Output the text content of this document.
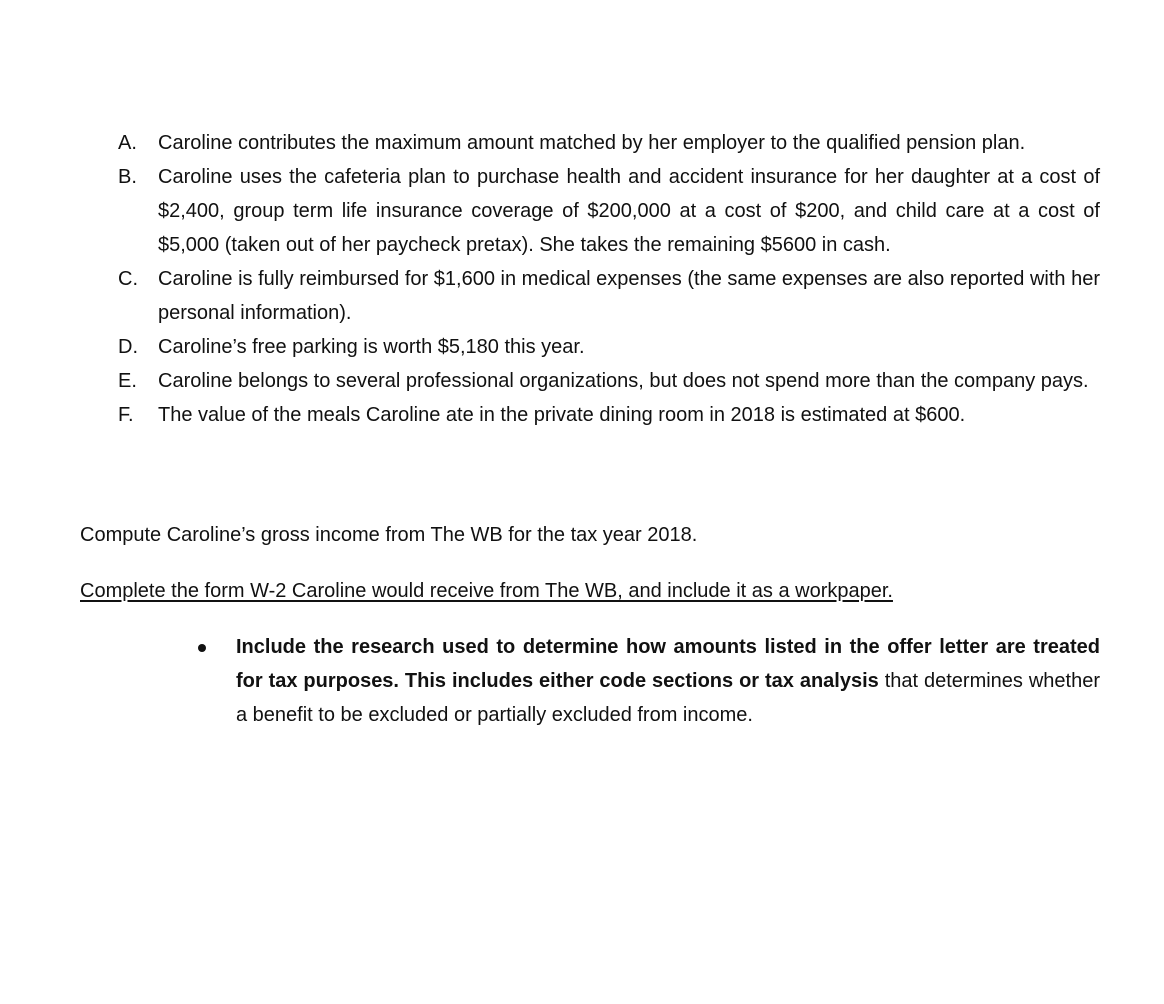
A.	Caroline contributes the maximum amount matched by her employer to the qualified pension plan.
B.	Caroline uses the cafeteria plan to purchase health and accident insurance for her daughter at a cost of $2,400, group term life insurance coverage of $200,000 at a cost of $200, and child care at a cost of $5,000 (taken out of her paycheck pretax). She takes the remaining $5600 in cash.
C.	Caroline is fully reimbursed for $1,600 in medical expenses (the same expenses are also reported with her personal information).
D.	Caroline’s free parking is worth $5,180 this year.
E.	Caroline belongs to several professional organizations, but does not spend more than the company pays.
F.	The value of the meals Caroline ate in the private dining room in 2018 is estimated at $600.

Compute Caroline’s gross income from The WB for the tax year 2018.

Complete the form W-2 Caroline would receive from The WB, and include it as a workpaper.

Include the research used to determine how amounts listed in the offer letter are treated for tax purposes. This includes either code sections or tax analysis that determines whether a benefit to be excluded or partially excluded from income.
